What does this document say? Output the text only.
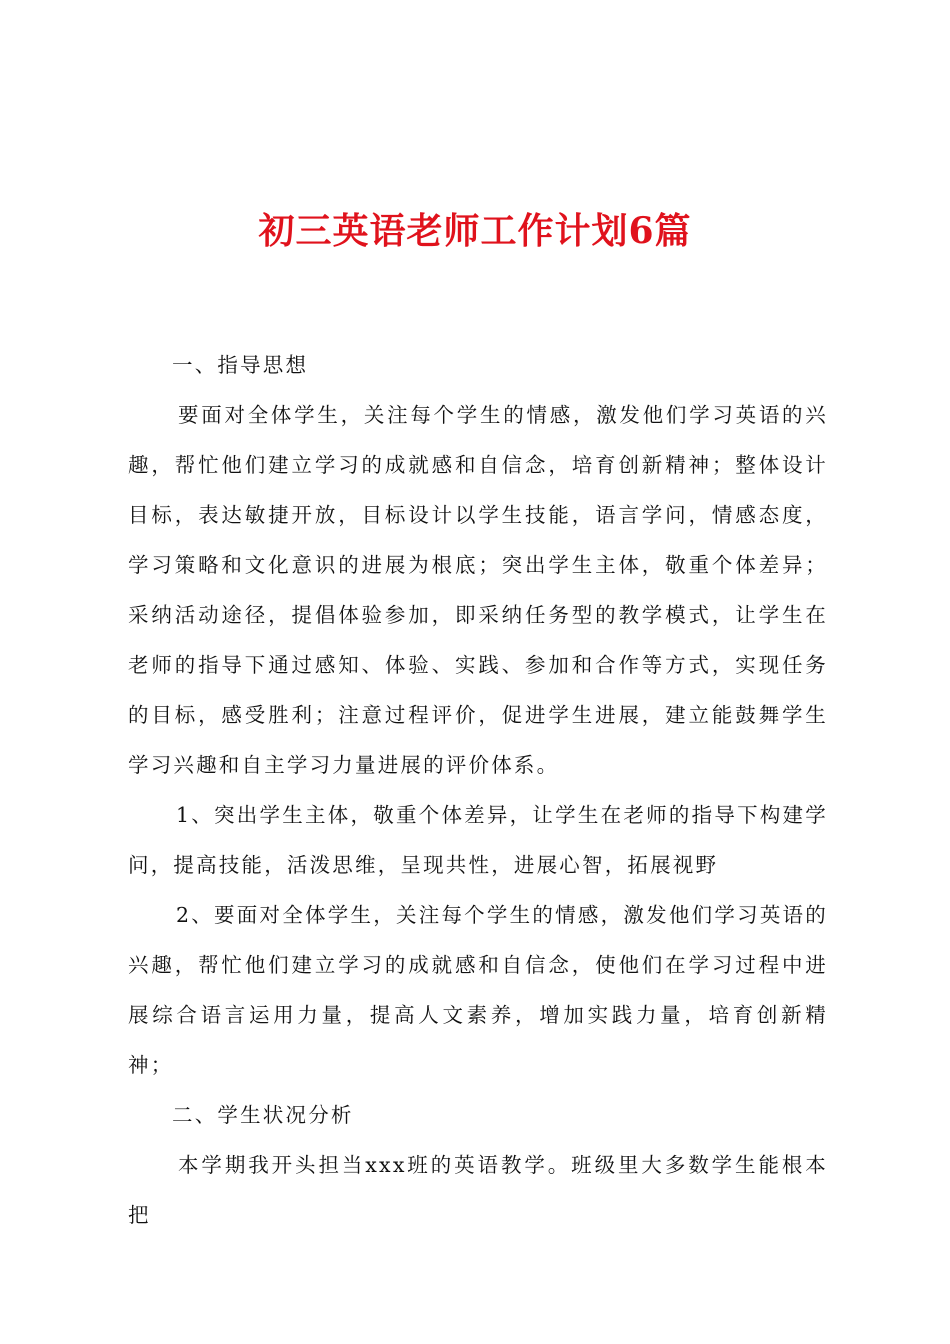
初三英语老师工作计划6篇

一、指导思想

要面对全体学生，关注每个学生的情感，激发他们学习英语的兴趣，帮忙他们建立学习的成就感和自信念，培育创新精神；整体设计目标，表达敏捷开放，目标设计以学生技能，语言学问，情感态度，学习策略和文化意识的进展为根底；突出学生主体，敬重个体差异；采纳活动途径，提倡体验参加，即采纳任务型的教学模式，让学生在老师的指导下通过感知、体验、实践、参加和合作等方式，实现任务的目标，感受胜利；注意过程评价，促进学生进展，建立能鼓舞学生学习兴趣和自主学习力量进展的评价体系。

1、突出学生主体，敬重个体差异，让学生在老师的指导下构建学问，提高技能，活泼思维，呈现共性，进展心智，拓展视野

2、要面对全体学生，关注每个学生的情感，激发他们学习英语的兴趣，帮忙他们建立学习的成就感和自信念，使他们在学习过程中进展综合语言运用力量，提高人文素养，增加实践力量，培育创新精神；

二、学生状况分析

本学期我开头担当xxx班的英语教学。班级里大多数学生能根本把
